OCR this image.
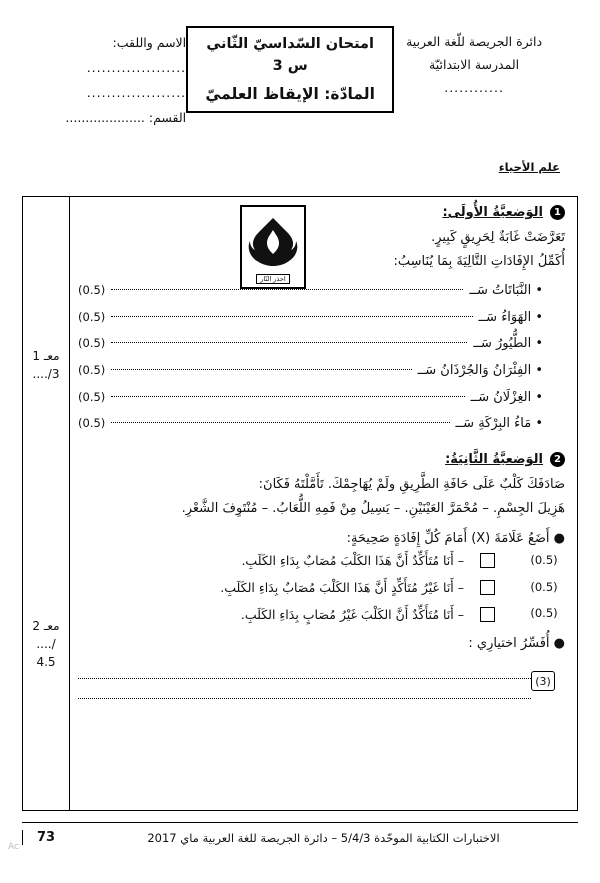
دائرة الجريصة للّغة العربية
المدرسة الابتدائيّة
............
امتحان السّداسيّ الثّاني س 3
المادّة: الإيقاظ العلميّ
الاسم واللقب:
....................
....................
القسم: ....................
علم الأحياء
احذر النّار
1
الوَضعيَّةُ الأُولَى:

تَعَرَّضَتْ غَابَةٌ لِحَرِيقٍ كَبِيرٍ.

أُكَمِّلُ الإِفَادَاتِ التَّالِيَةَ بِمَا يُنَاسِبُ:

• النَّبَاتَاتُ سَــ
(0.5)
• الهَوَاءُ سَــ
(0.5)
• الطُّيُورُ سَــ
(0.5)
• الفِئْرَانُ وَالجُرْذَانُ سَــ
(0.5)
• الغِزْلَانُ سَــ
(0.5)
• مَاءُ البِرْكَةِ سَــ
(0.5)
2
الوَضعيَّةُ الثَّانِيَةُ:

صَادَفَكَ كَلْبٌ عَلَى حَافَةِ الطَّرِيقِ ولَمْ يُهَاجِمْكَ. تَأَمَّلْتَهُ فَكَانَ:

هَزِيلَ الجِسْمِ. – مُحْمَرَّ العَيْنَيْنِ. – يَسِيلُ مِنْ فَمِهِ اللُّعَابُ. – مُنْتَوِفَ الشَّعْرِ.

● أَضَعُ عَلَامَةَ (X) أَمَامَ كُلِّ إِفَادَةٍ صَحِيحَةٍ:

(0.5)
– أَنَا مُتَأَكِّدٌ أَنَّ هَذَا الكَلْبَ مُصَابٌ بِدَاءِ الكَلَبِ.
(0.5)
– أَنَا غَيْرُ مُتَأَكِّدٍ أَنَّ هَذَا الكَلْبَ مُصَابٌ بِدَاءِ الكَلَبِ.
(0.5)
– أَنَا مُتَأَكِّدٌ أَنَّ الكَلْبَ غَيْرُ مُصَابٍ بِدَاءِ الكَلَبِ.

● أُفَسِّرُ اختيارِي :

(3)
معـ 1
3/....
معـ 2
/....
4.5
الاختبارات الكتابية الموحّدة 5/4/3 – دائرة الجريصة للغة العربية ماي 2017
73
Ac
